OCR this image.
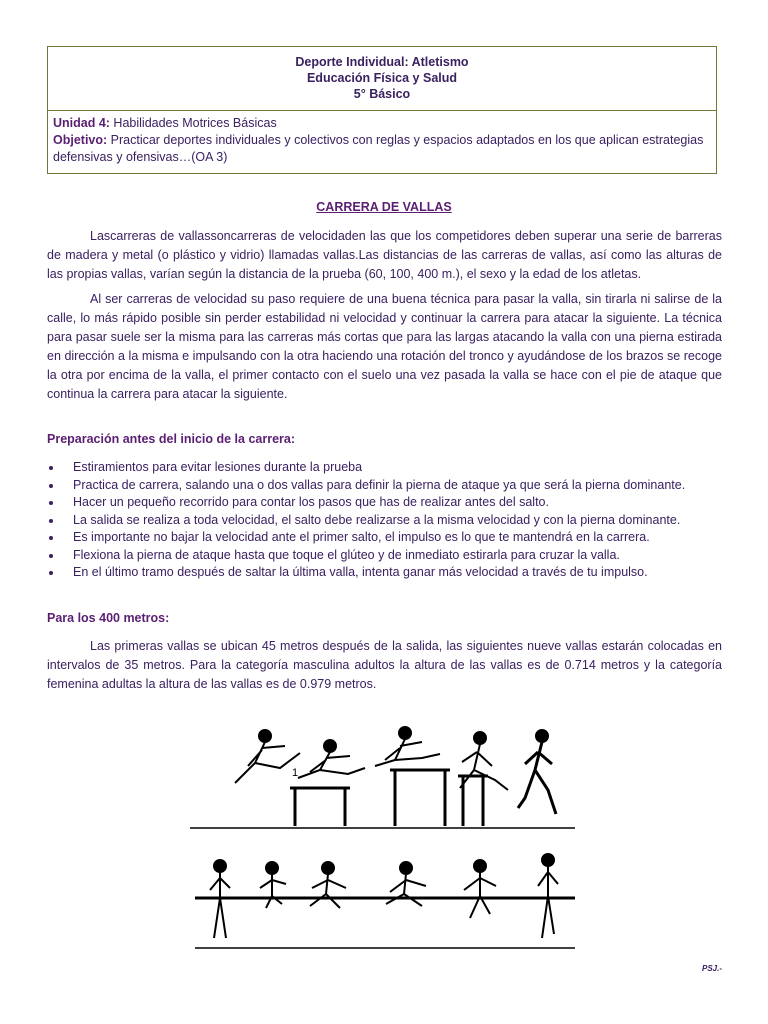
Deporte Individual: Atletismo
Educación Física y Salud
5° Básico
Unidad 4: Habilidades Motrices Básicas
Objetivo: Practicar deportes individuales y colectivos con reglas y espacios adaptados en los que aplican estrategias defensivas y ofensivas…(OA 3)
CARRERA DE VALLAS

Lascarreras de vallassoncarreras de velocidaden las que los competidores deben superar una serie de barreras de madera y metal (o plástico y vidrio) llamadas vallas.Las distancias de las carreras de vallas, así como las alturas de las propias vallas, varían según la distancia de la prueba (60, 100, 400 m.), el sexo y la edad de los atletas.

Al ser carreras de velocidad su paso requiere de una buena técnica para pasar la valla, sin tirarla ni salirse de la calle, lo más rápido posible sin perder estabilidad ni velocidad y continuar la carrera para atacar la siguiente. La técnica para pasar suele ser la misma para las carreras más cortas que para las largas atacando la valla con una pierna estirada en dirección a la misma e impulsando con la otra haciendo una rotación del tronco y ayudándose de los brazos se recoge la otra por encima de la valla, el primer contacto con el suelo una vez pasada la valla se hace con el pie de ataque que continua la carrera para atacar la siguiente.

Preparación antes del inicio de la carrera:

Estiramientos para evitar lesiones durante la prueba
Practica de carrera, salando una o dos vallas para definir la pierna de ataque ya que será la pierna dominante.
Hacer un pequeño recorrido para contar los pasos que has de realizar antes del salto.
La salida se realiza a toda velocidad, el salto debe realizarse a la misma velocidad y con la pierna dominante.
Es importante no bajar la velocidad ante el primer salto, el impulso es lo que te mantendrá en la carrera.
Flexiona la pierna de ataque hasta que toque el glúteo y de inmediato estirarla para cruzar la valla.
En el último tramo después de saltar la última valla, intenta ganar más velocidad a través de tu impulso.

Para los 400 metros:

Las primeras vallas se ubican 45 metros después de la salida, las siguientes nueve vallas estarán colocadas en intervalos de 35 metros. Para la categoría masculina adultos la altura de las vallas es de 0.714 metros y la categoría femenina adultas la altura de las vallas es de 0.979 metros.

1
PSJ.-
